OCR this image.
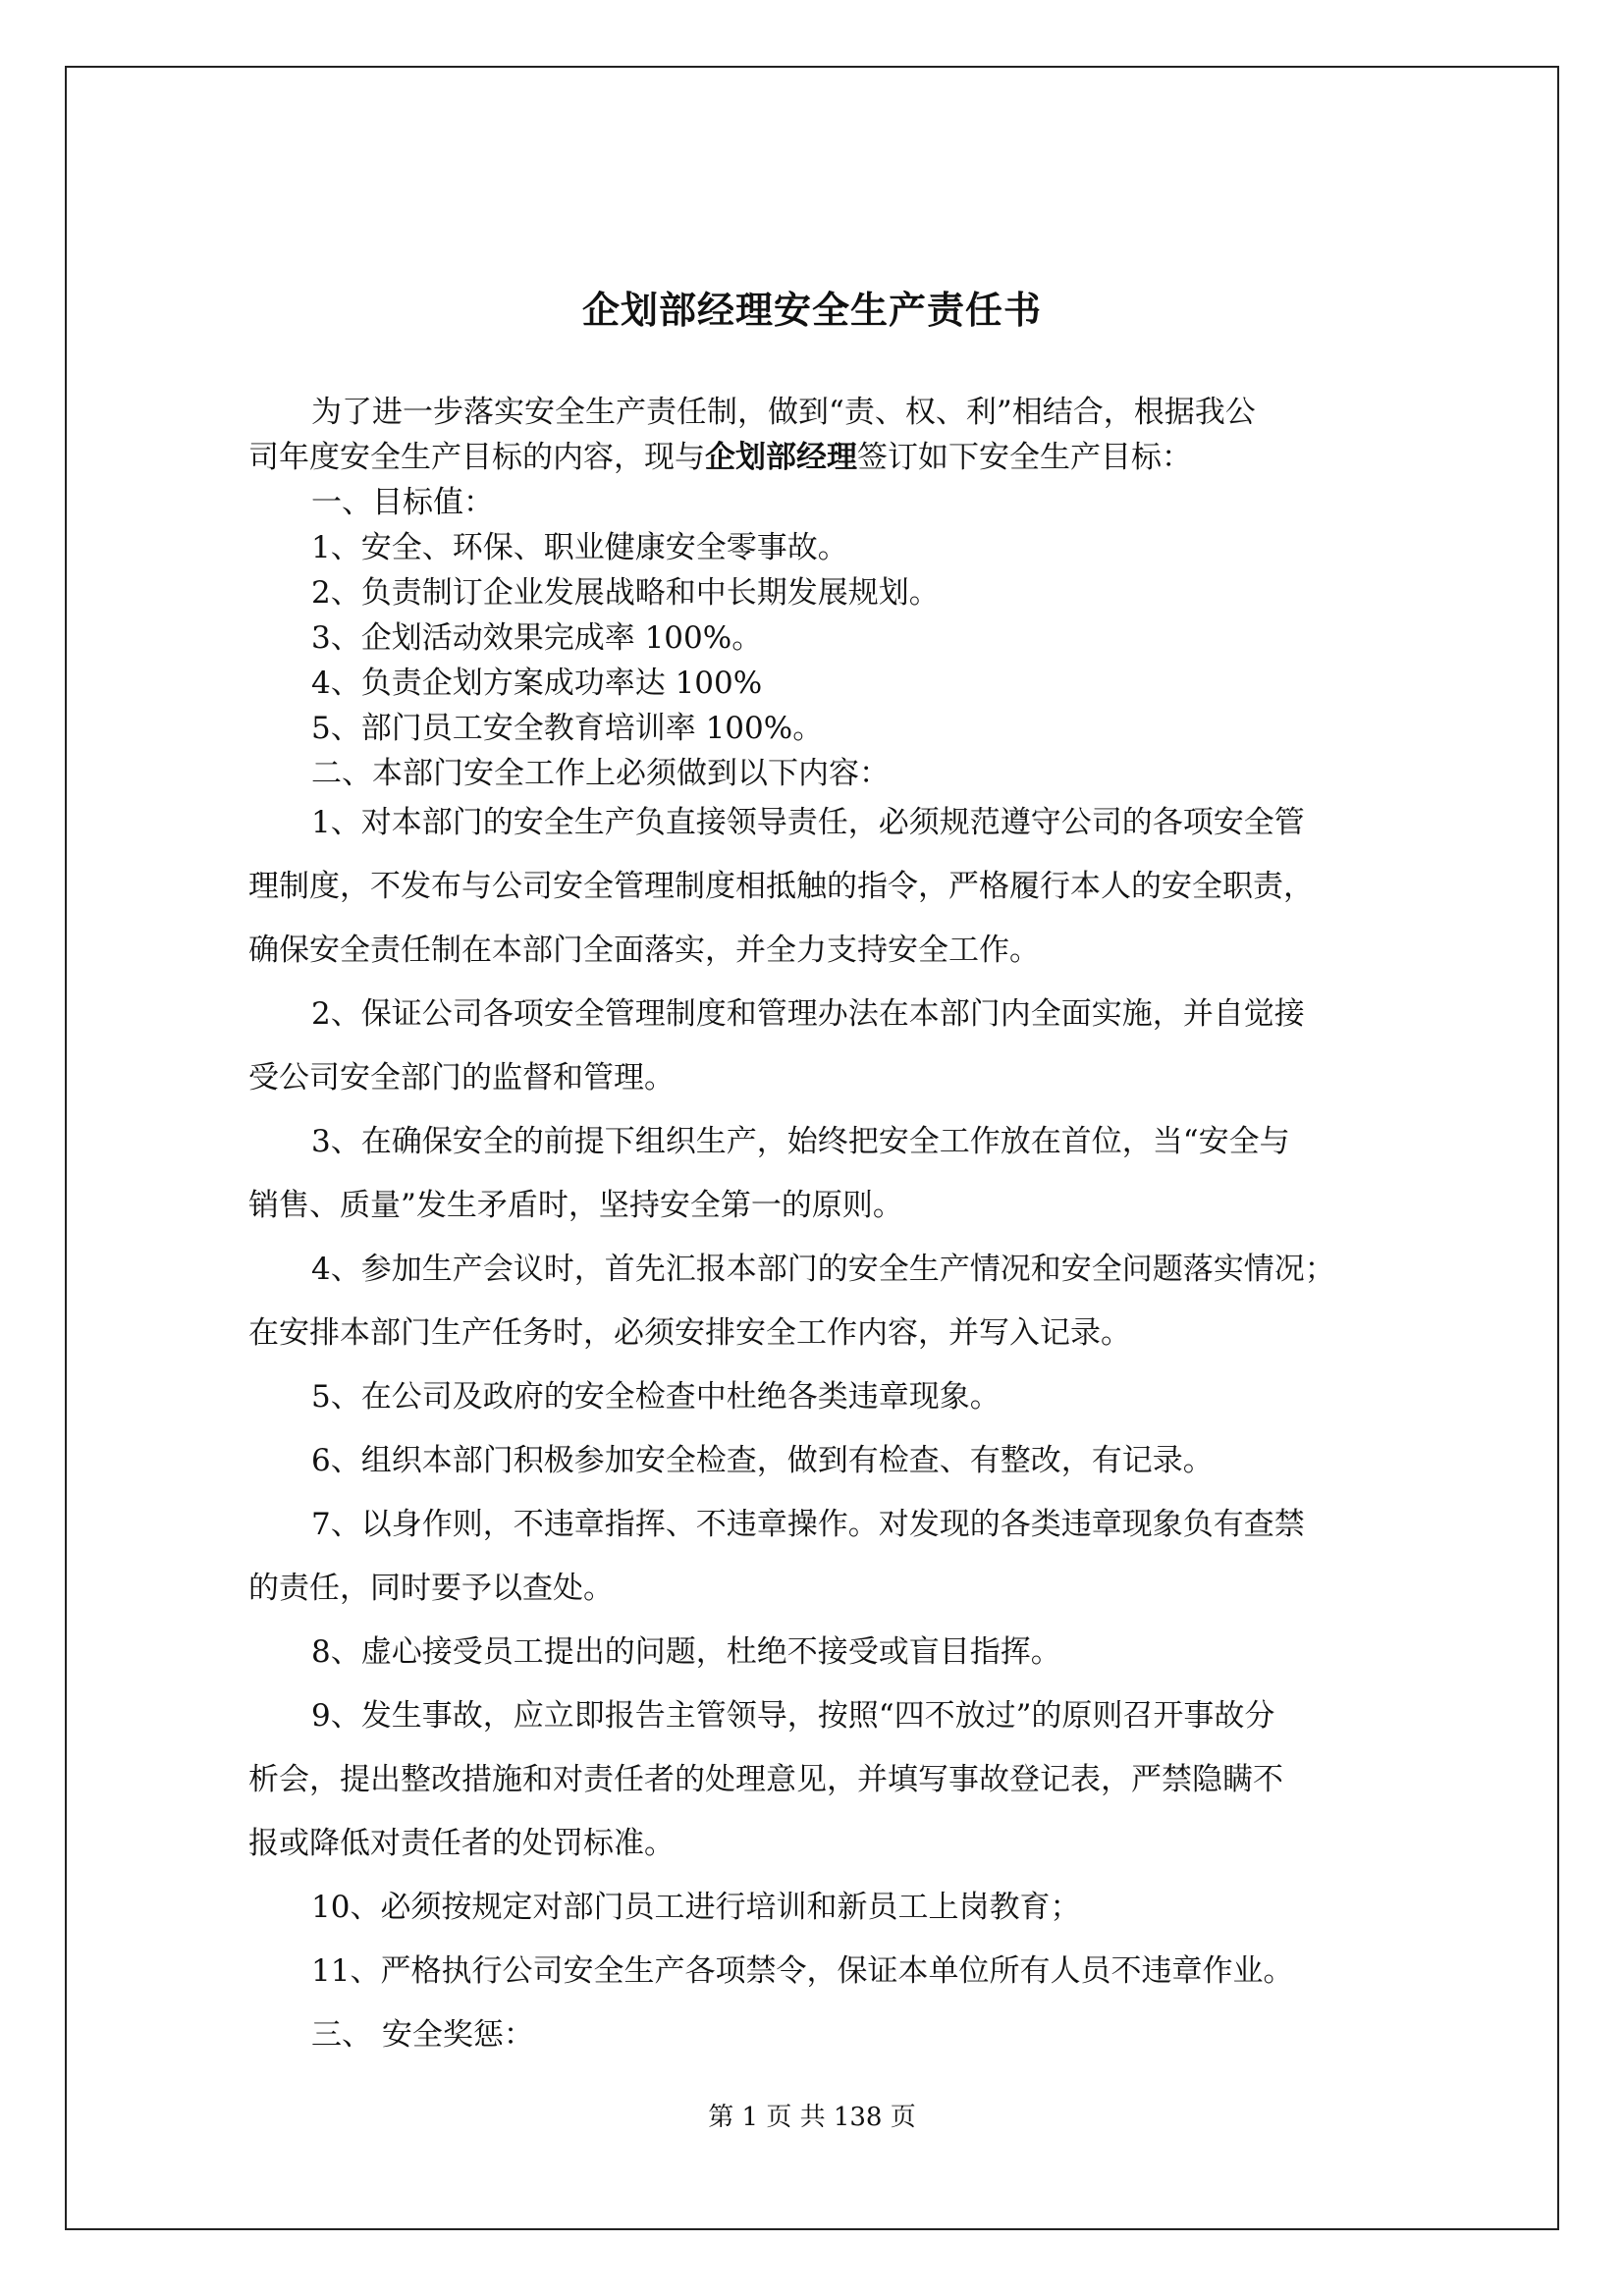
企划部经理安全生产责任书
为了进一步落实安全生产责任制，做到“责、权、利”相结合，根据我公
司年度安全生产目标的内容，现与企划部经理签订如下安全生产目标：
一、目标值：
1、安全、环保、职业健康安全零事故。
2、负责制订企业发展战略和中长期发展规划。
3、企划活动效果完成率 100%。
4、负责企划方案成功率达 100%
5、部门员工安全教育培训率 100%。
二、本部门安全工作上必须做到以下内容：
1、对本部门的安全生产负直接领导责任，必须规范遵守公司的各项安全管
理制度，不发布与公司安全管理制度相抵触的指令，严格履行本人的安全职责，
确保安全责任制在本部门全面落实，并全力支持安全工作。
2、保证公司各项安全管理制度和管理办法在本部门内全面实施，并自觉接
受公司安全部门的监督和管理。
3、在确保安全的前提下组织生产，始终把安全工作放在首位，当“安全与
销售、质量”发生矛盾时，坚持安全第一的原则。
4、参加生产会议时，首先汇报本部门的安全生产情况和安全问题落实情况；
在安排本部门生产任务时，必须安排安全工作内容，并写入记录。
5、在公司及政府的安全检查中杜绝各类违章现象。
6、组织本部门积极参加安全检查，做到有检查、有整改，有记录。
7、以身作则，不违章指挥、不违章操作。对发现的各类违章现象负有查禁
的责任，同时要予以查处。
8、虚心接受员工提出的问题，杜绝不接受或盲目指挥。
9、发生事故，应立即报告主管领导，按照“四不放过”的原则召开事故分
析会，提出整改措施和对责任者的处理意见，并填写事故登记表，严禁隐瞒不
报或降低对责任者的处罚标准。
10、必须按规定对部门员工进行培训和新员工上岗教育；
11、严格执行公司安全生产各项禁令，保证本单位所有人员不违章作业。
三、 安全奖惩：
第 1 页 共 138 页
